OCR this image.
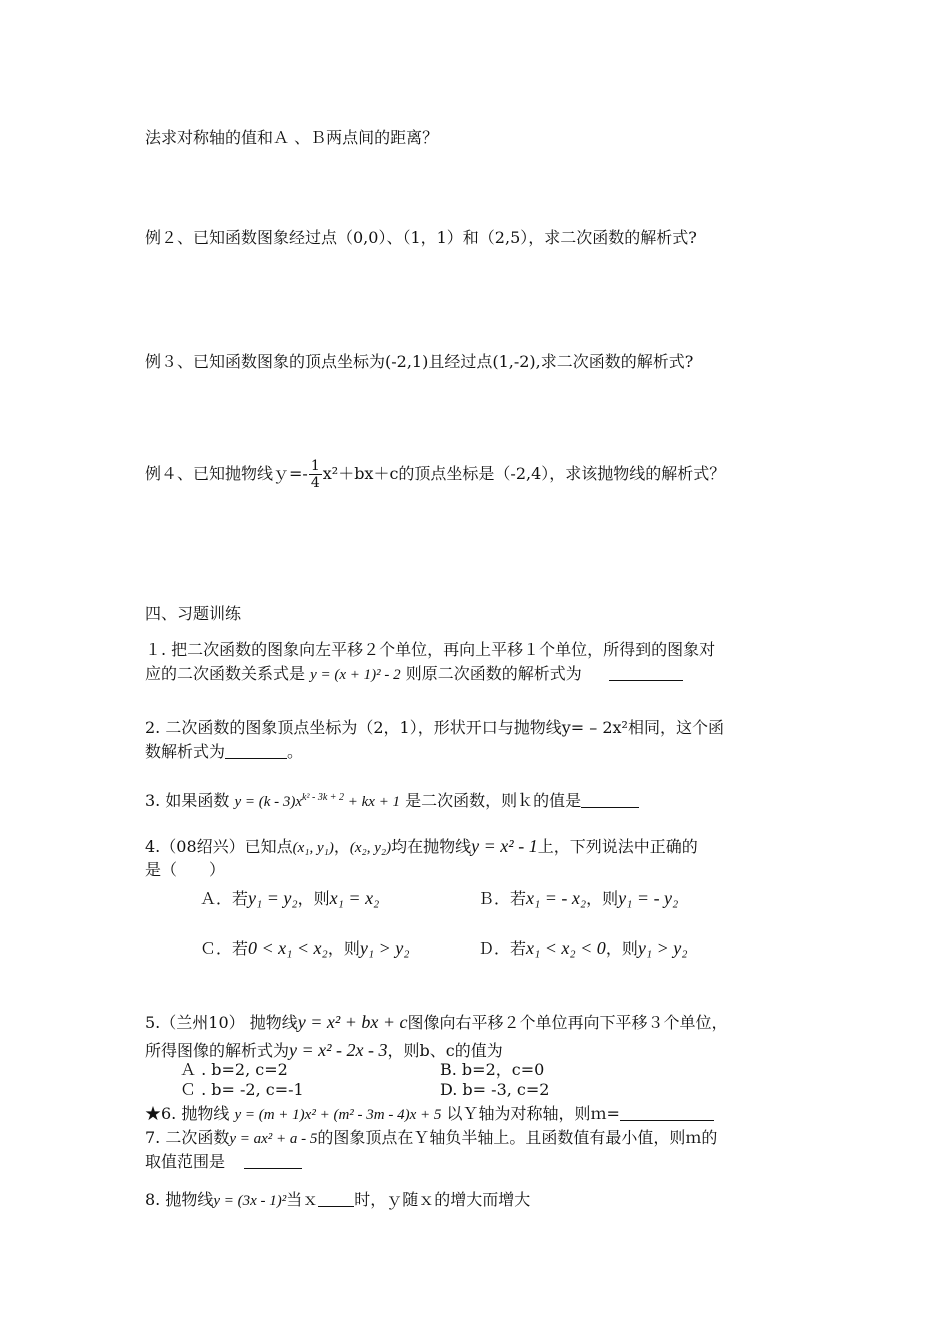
法求对称轴的值和Ａ 、Ｂ两点间的距离？
例２、已知函数图象经过点（0,0）、（1，1）和（2,5），求二次函数的解析式?
例３、已知函数图象的顶点坐标为(-2,1)且经过点(1,-2),求二次函数的解析式?
例４、已知抛物线ｙ=- $\frac{1}{4} x^2+bx+c$的顶点坐标是（-2,4），求该抛物线的解析式？
四、习题训练
１. 把二次函数的图象向左平移２个单位，再向上平移１个单位，所得到的图象对
应的二次函数关系式是 y = (x + 1)² - 2 则原二次函数的解析式为
2. 二次函数的图象顶点坐标为（2，1），形状开口与抛物线y= – 2x²相同，这个函
数解析式为	。
3. 如果函数 $y = (k - 3)x^{k^2 - 3k + 2}$ + kx + 1 是二次函数，则ｋ的值是
4.（08绍兴）已知点(x₁, y₁)，(x₂, y₂)均在抛物线y = x² - 1上，下列说法中正确的
是（　　）
Ａ．若y₁ = y₂，则x₁ = x₂	Ｂ．若x₁ = - x₂，则y₁ = - y₂
Ｃ．若0 < x₁ < x₂，则y₁ > y₂	Ｄ．若x₁ < x₂ < 0，则y₁ > y₂
5.（兰州10） 抛物线y = x² + bx + c图像向右平移２个单位再向下平移３个单位，
所得图像的解析式为y = x² - 2x - 3，则b、c的值为
Ａ . b=2, c=2	B. b=2，c=0
Ｃ . b= -2, c=-1	D. b= -3, c=2
★6. 抛物线 y = (m + 1)x² + (m² - 3m - 4)x + 5 以Ｙ轴为对称轴，则ｍ=
7. 二次函数y = ax² + a - 5的图象顶点在Ｙ轴负半轴上。且函数值有最小值，则ｍ的
取值范围是
8. 抛物线y = (3x - 1)²当ｘ 时，ｙ随ｘ的增大而增大
